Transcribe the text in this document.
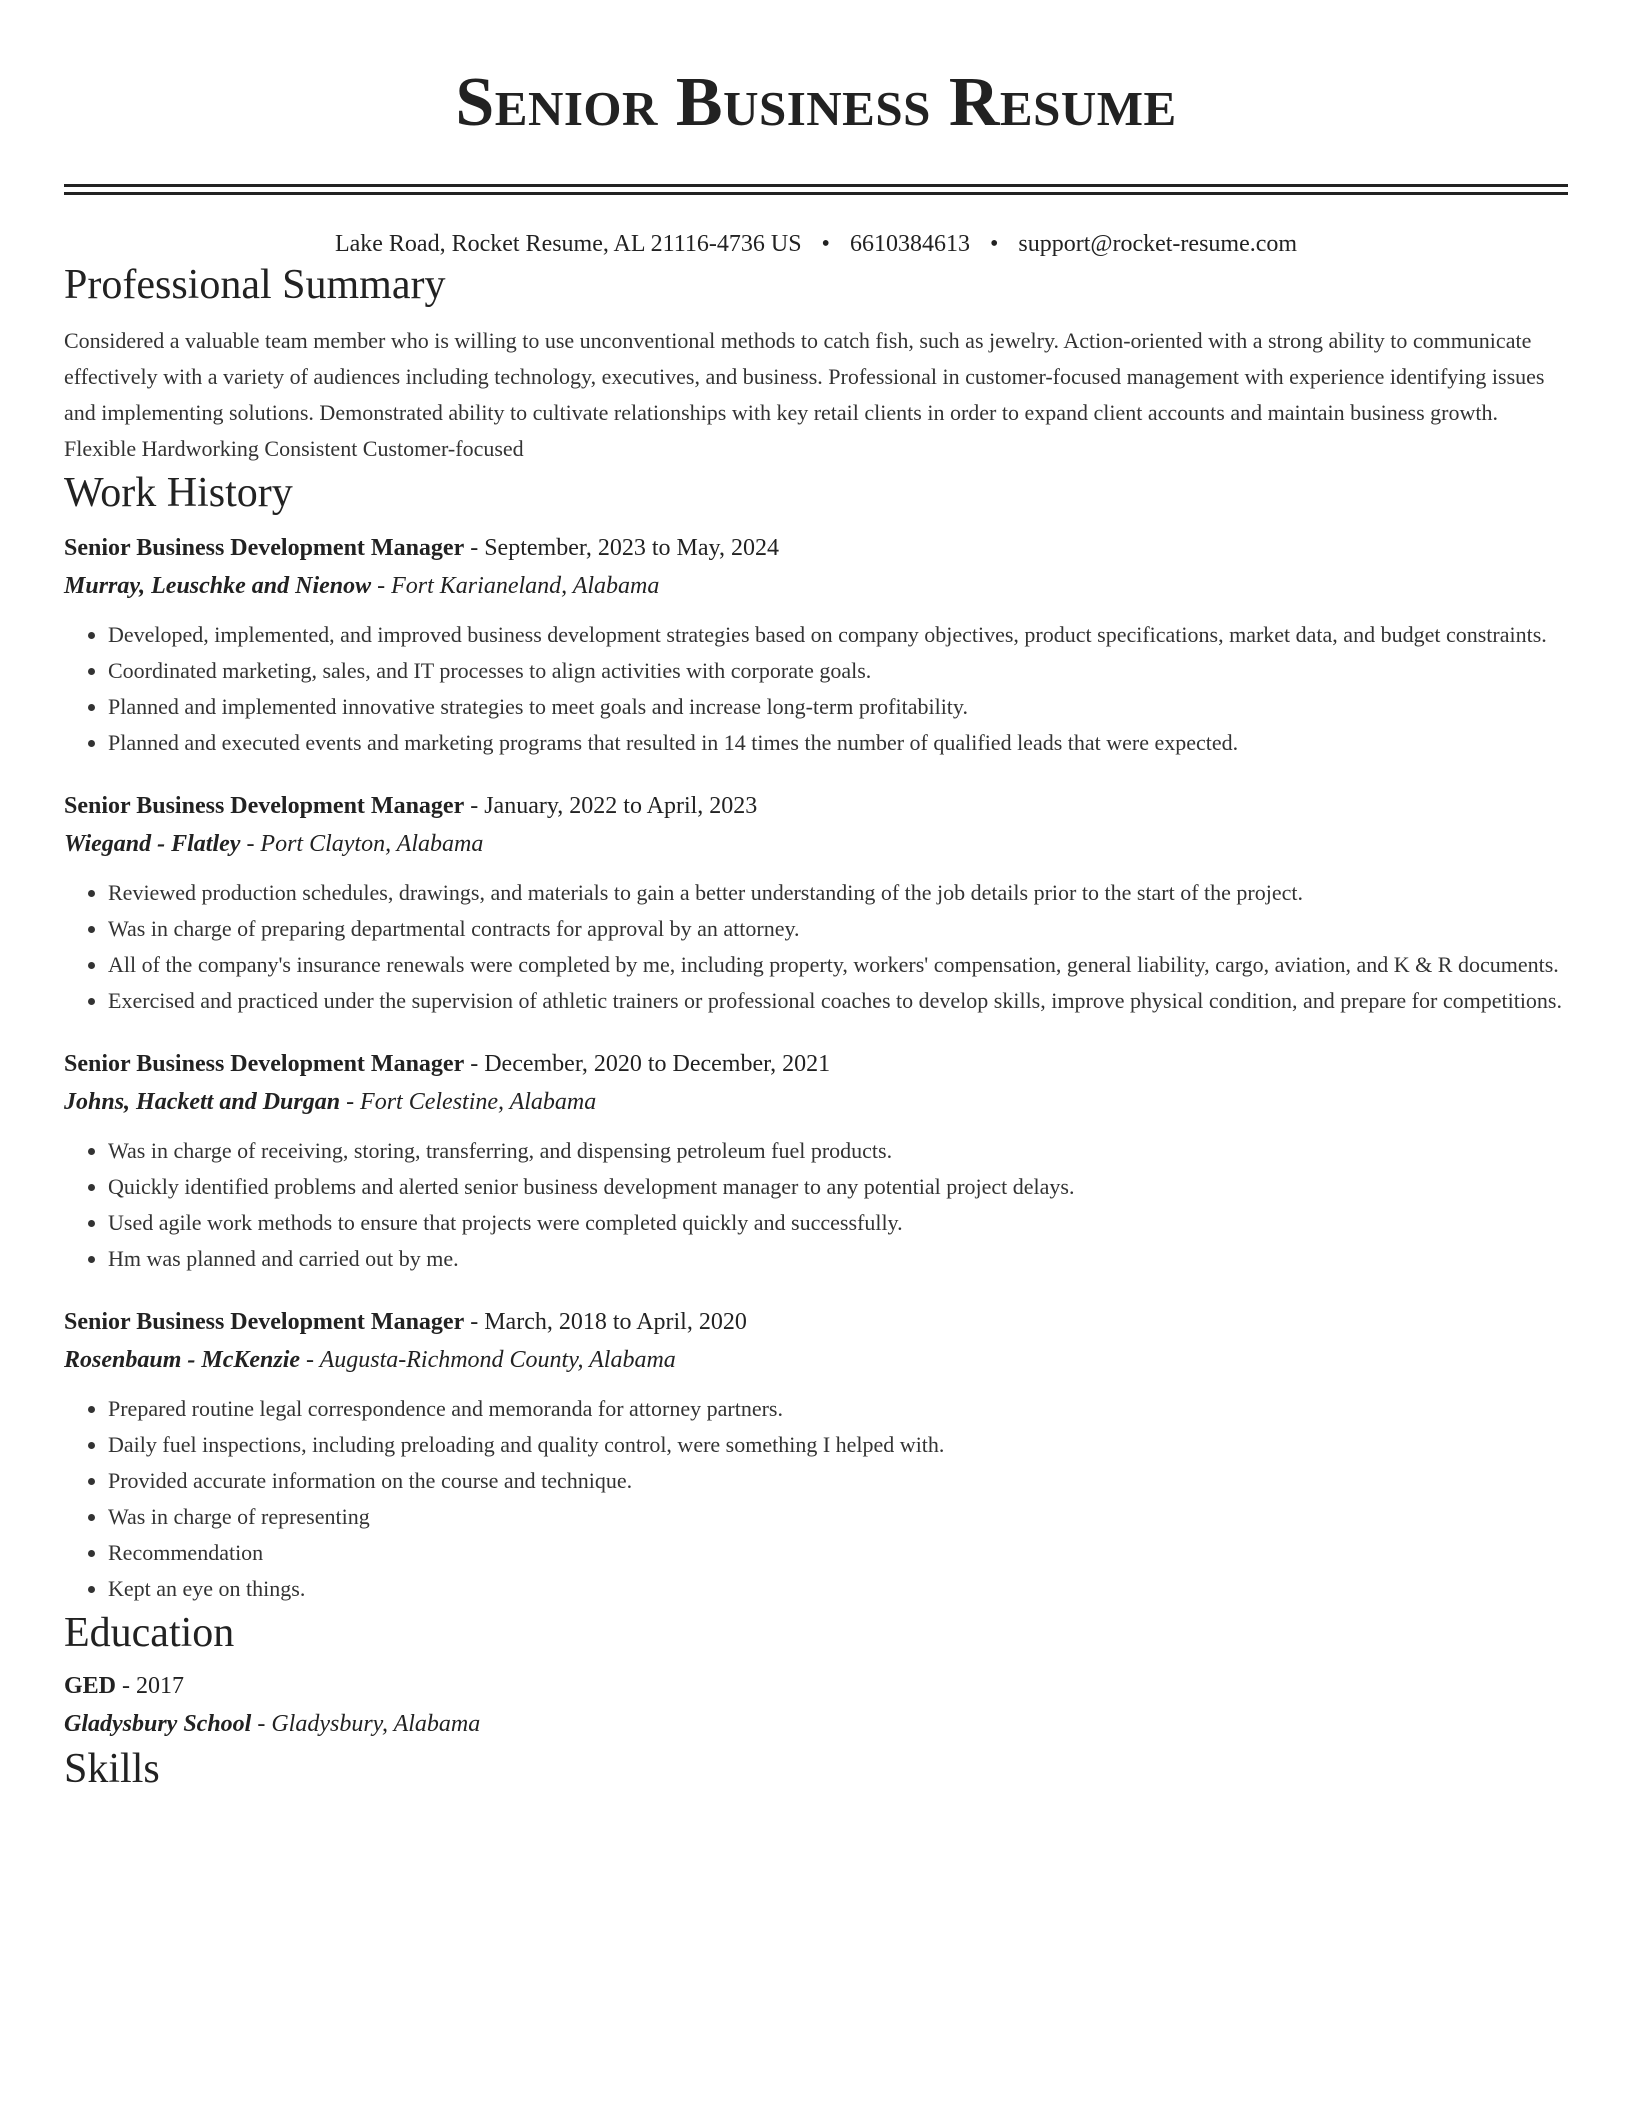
Senior Business Resume
Lake Road, Rocket Resume, AL 21116-4736 US • 6610384613 • support@rocket-resume.com
Professional Summary
Considered a valuable team member who is willing to use unconventional methods to catch fish, such as jewelry. Action-oriented with a strong ability to communicate effectively with a variety of audiences including technology, executives, and business. Professional in customer-focused management with experience identifying issues and implementing solutions. Demonstrated ability to cultivate relationships with key retail clients in order to expand client accounts and maintain business growth. Flexible Hardworking Consistent Customer-focused
Work History
Senior Business Development Manager - September, 2023 to May, 2024
Murray, Leuschke and Nienow - Fort Karianeland, Alabama
• Developed, implemented, and improved business development strategies based on company objectives, product specifications, market data, and budget constraints.
• Coordinated marketing, sales, and IT processes to align activities with corporate goals.
• Planned and implemented innovative strategies to meet goals and increase long-term profitability.
• Planned and executed events and marketing programs that resulted in 14 times the number of qualified leads that were expected.
Senior Business Development Manager - January, 2022 to April, 2023
Wiegand - Flatley - Port Clayton, Alabama
• Reviewed production schedules, drawings, and materials to gain a better understanding of the job details prior to the start of the project.
• Was in charge of preparing departmental contracts for approval by an attorney.
• All of the company's insurance renewals were completed by me, including property, workers' compensation, general liability, cargo, aviation, and K & R documents.
• Exercised and practiced under the supervision of athletic trainers or professional coaches to develop skills, improve physical condition, and prepare for competitions.
Senior Business Development Manager - December, 2020 to December, 2021
Johns, Hackett and Durgan - Fort Celestine, Alabama
• Was in charge of receiving, storing, transferring, and dispensing petroleum fuel products.
• Quickly identified problems and alerted senior business development manager to any potential project delays.
• Used agile work methods to ensure that projects were completed quickly and successfully.
• Hm was planned and carried out by me.
Senior Business Development Manager - March, 2018 to April, 2020
Rosenbaum - McKenzie - Augusta-Richmond County, Alabama
• Prepared routine legal correspondence and memoranda for attorney partners.
• Daily fuel inspections, including preloading and quality control, were something I helped with.
• Provided accurate information on the course and technique.
• Was in charge of representing
• Recommendation
• Kept an eye on things.
Education
GED - 2017
Gladysbury School - Gladysbury, Alabama
Skills
